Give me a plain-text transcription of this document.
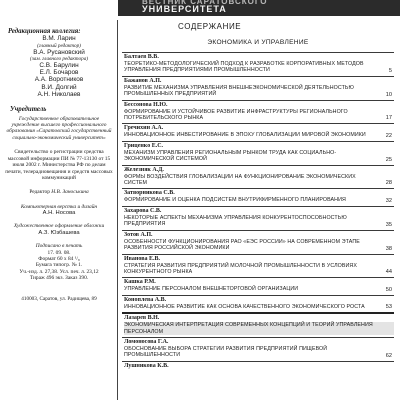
ВЕСТНИК САРАТОВСКОГО
УНИВЕРСИТЕТА
Редакционная коллегия:
В.М. Ларин
(главный редактор)
В.А. Русановский
(зам. главного редактора)
С.В. Барулин
Е.Л. Бочаров
А.А. Воротников
В.И. Долгий
А.Н. Николаев
Учредитель
Государственное образовательное учреждение высшего профессионального образования «Саратовский государственный социально-экономический университет»
Свидетельство о регистрации средства массовой информации ПИ № 77-13130 от 15 июля 2002 г. Министерства РФ по делам печати, телерадиовещания и средств массовых коммуникаций
Редактор Н.В. Заноськина
Компьютерная верстка и дизайн
А.Н. Носова
Художественное оформление обложки
А.З. Юзбашева
Подписано в печать
17. 09. 08.
Формат 60 х 84 ¹/₈
Бумага типогр. № 1.
Уч.-изд. л. 27,38. Усл. печ. л. 23,12
Тираж 496 экз. Заказ 390.
410003, Саратов, ул. Радищева, 89
СОДЕРЖАНИЕ
ЭКОНОМИКА И УПРАВЛЕНИЕ
Балтаев В.В.
ТЕОРЕТИКО-МЕТОДОЛОГИЧЕСКИЙ ПОДХОД К РАЗРАБОТКЕ КОРПОРАТИВНЫХ МЕТОДОВ УПРАВЛЕНИЯ ПРЕДПРИЯТИЯМИ ПРОМЫШЛЕННОСТИ	5
Бажанов А.П.
РАЗВИТИЕ МЕХАНИЗМА УПРАВЛЕНИЯ ВНЕШНЕЭКОНОМИЧЕСКОЙ ДЕЯТЕЛЬНОСТЬЮ ПРОМЫШЛЕННЫХ ПРЕДПРИЯТИЙ	10
Бессонова Н.Ю.
ФОРМИРОВАНИЕ И УСТОЙЧИВОЕ РАЗВИТИЕ ИНФРАСТРУКТУРЫ РЕГИОНАЛЬНОГО ПОТРЕБИТЕЛЬСКОГО РЫНКА	17
Гречихин А.А.
ИННОВАЦИОННОЕ ИНВЕСТИРОВАНИЕ В ЭПОХУ ГЛОБАЛИЗАЦИИ МИРОВОЙ ЭКОНОМИКИ	22
Гриценко Е.С.
МЕХАНИЗМ УПРАВЛЕНИЯ РЕГИОНАЛЬНЫМ РЫНКОМ ТРУДА КАК СОЦИАЛЬНО-ЭКОНОМИЧЕСКОЙ СИСТЕМОЙ	25
Железняк А.Д.
ФОРМЫ ВОЗДЕЙСТВИЯ ГЛОБАЛИЗАЦИИ НА ФУНКЦИОНИРОВАНИЕ ЭКОНОМИЧЕСКИХ СИСТЕМ	28
Затворникова С.В.
ФОРМИРОВАНИЕ И ОЦЕНКА ПОДСИСТЕМ ВНУТРИФИРМЕННОГО ПЛАНИРОВАНИЯ	32
Захарова С.В.
НЕКОТОРЫЕ АСПЕКТЫ МЕХАНИЗМА УПРАВЛЕНИЯ КОНКУРЕНТОСПОСОБНОСТЬЮ ПРЕДПРИЯТИЯ	35
Зотов А.П.
ОСОБЕННОСТИ ФУНКЦИОНИРОВАНИЯ РАО «ЕЭС РОССИИ» НА СОВРЕМЕННОМ ЭТАПЕ РАЗВИТИЯ РОССИЙСКОЙ ЭКОНОМИКИ	38
Иванова Е.В.
СТРАТЕГИЯ РАЗВИТИЯ ПРЕДПРИЯТИЙ МОЛОЧНОЙ ПРОМЫШЛЕННОСТИ В УСЛОВИЯХ КОНКУРЕНТНОГО РЫНКА	44
Кашка Р.М.
УПРАВЛЕНИЕ ПЕРСОНАЛОМ ВНЕШНЕТОРГОВОЙ ОРГАНИЗАЦИИ	50
Коноплева А.В.
ИННОВАЦИОННОЕ РАЗВИТИЕ КАК ОСНОВА КАЧЕСТВЕННОГО ЭКОНОМИЧЕСКОГО РОСТА	53
Лазарев В.Н.
ЭКОНОМИЧЕСКАЯ ИНТЕРПРЕТАЦИЯ СОВРЕМЕННЫХ КОНЦЕПЦИЙ И ТЕОРИЙ УПРАВЛЕНИЯ ПЕРСОНАЛОМ
Ломоносова Г.А.
ОБОСНОВАНИЕ ВЫБОРА СТРАТЕГИИ РАЗВИТИЯ ПРЕДПРИЯТИЙ ПИЩЕВОЙ ПРОМЫШЛЕННОСТИ	62
Лушникова К.В.
